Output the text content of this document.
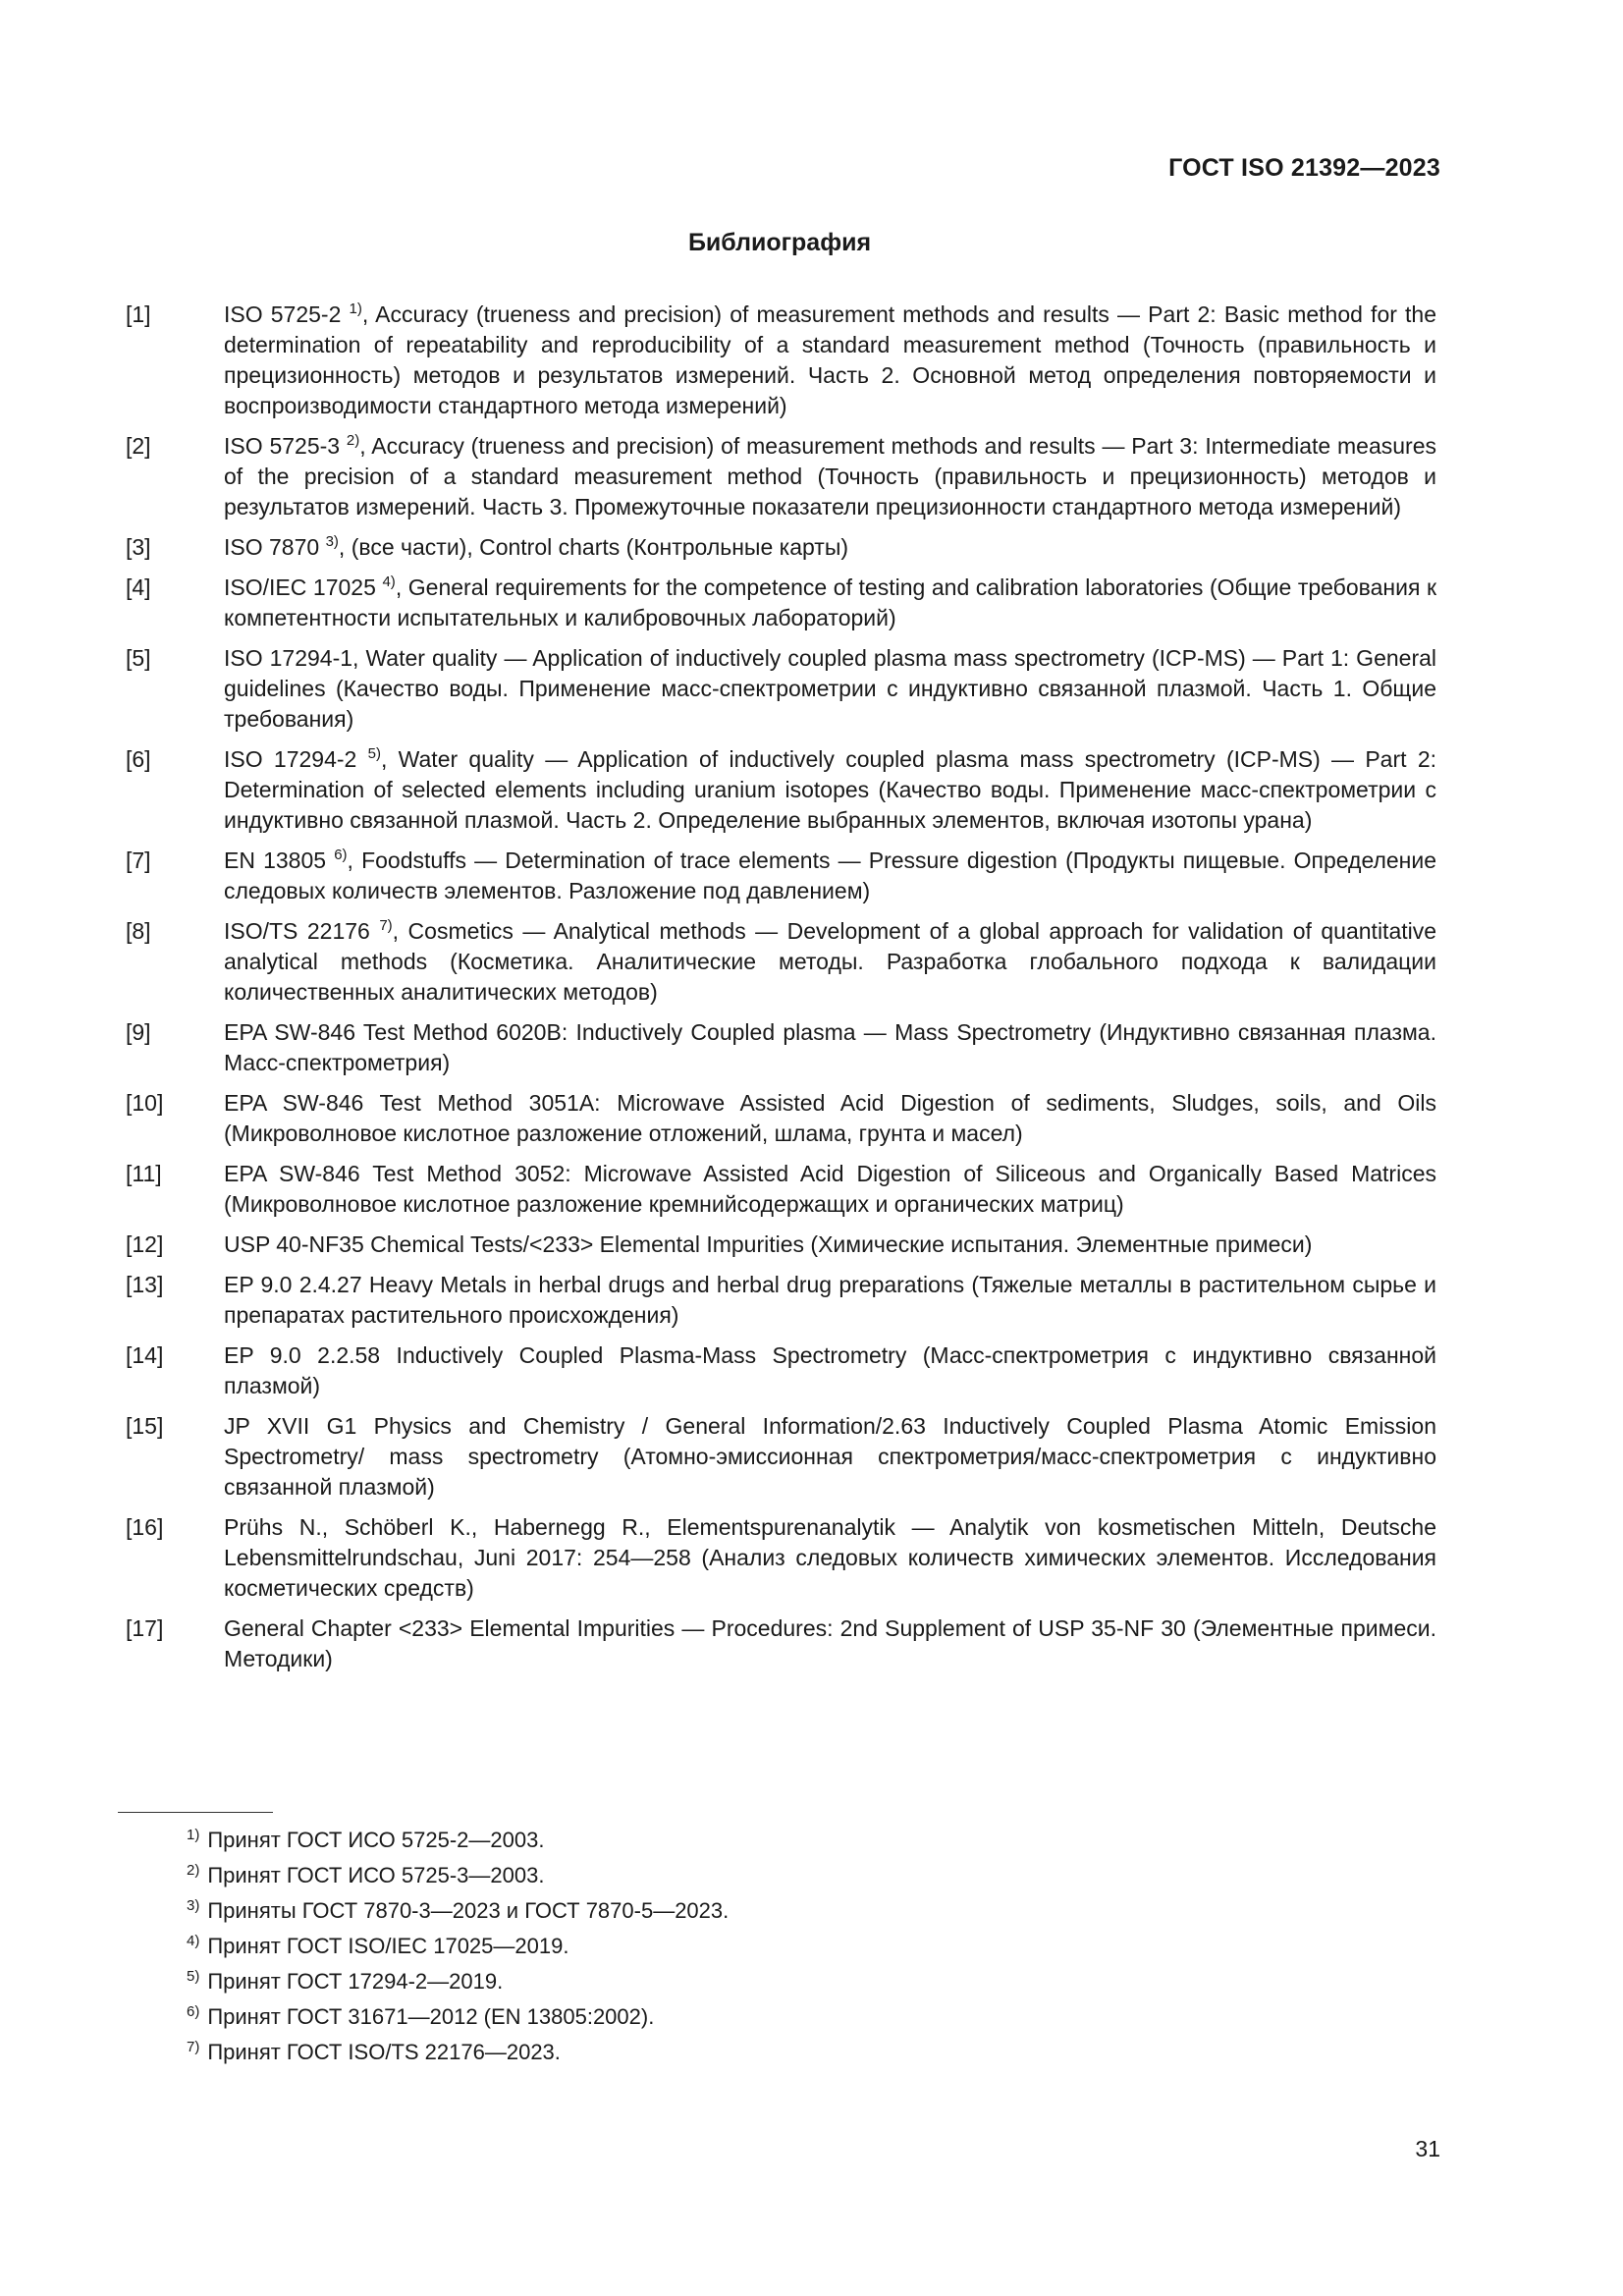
ГОСТ ISO 21392—2023
Библиография
[1]	ISO 5725-2 $^{1)}$, Accuracy (trueness and precision) of measurement methods and results — Part 2: Basic method for the determination of repeatability and reproducibility of a standard measurement method (Точность (правильность и прецизионность) методов и результатов измерений. Часть 2. Основной метод определения повторяемости и воспроизводимости стандартного метода измерений)
[2]	ISO 5725-3 $^{2)}$, Accuracy (trueness and precision) of measurement methods and results — Part 3: Intermediate measures of the precision of a standard measurement method (Точность (правильность и прецизионность) методов и результатов измерений. Часть 3. Промежуточные показатели прецизионности стандартного метода измерений)
[3]	ISO 7870 $^{3)}$, (все части), Control charts (Контрольные карты)
[4]	ISO/IEC 17025 $^{4)}$, General requirements for the competence of testing and calibration laboratories (Общие требования к компетентности испытательных и калибровочных лабораторий)
[5]	ISO 17294-1, Water quality — Application of inductively coupled plasma mass spectrometry (ICP-MS) — Part 1: General guidelines (Качество воды. Применение масс-спектрометрии с индуктивно связанной плазмой. Часть 1. Общие требования)
[6]	ISO 17294-2 $^{5)}$, Water quality — Application of inductively coupled plasma mass spectrometry (ICP-MS) — Part 2: Determination of selected elements including uranium isotopes (Качество воды. Применение масс-спектрометрии с индуктивно связанной плазмой. Часть 2. Определение выбранных элементов, включая изотопы урана)
[7]	EN 13805 $^{6)}$, Foodstuffs — Determination of trace elements — Pressure digestion (Продукты пищевые. Определение следовых количеств элементов. Разложение под давлением)
[8]	ISO/TS 22176 $^{7)}$, Cosmetics — Analytical methods — Development of a global approach for validation of quantitative analytical methods (Косметика. Аналитические методы. Разработка глобального подхода к валидации количественных аналитических методов)
[9]	EPA SW-846 Test Method 6020B: Inductively Coupled plasma — Mass Spectrometry (Индуктивно связанная плазма. Масс-спектрометрия)
[10]	EPA SW-846 Test Method 3051A: Microwave Assisted Acid Digestion of sediments, Sludges, soils, and Oils (Микроволновое кислотное разложение отложений, шлама, грунта и масел)
[11]	EPA SW-846 Test Method 3052: Microwave Assisted Acid Digestion of Siliceous and Organically Based Matrices (Микроволновое кислотное разложение кремнийсодержащих и органических матриц)
[12]	USP 40-NF35 Chemical Tests/<233> Elemental Impurities (Химические испытания. Элементные примеси)
[13]	EP 9.0 2.4.27 Heavy Metals in herbal drugs and herbal drug preparations (Тяжелые металлы в растительном сырье и препаратах растительного происхождения)
[14]	EP 9.0 2.2.58 Inductively Coupled Plasma-Mass Spectrometry (Масс-спектрометрия с индуктивно связанной плазмой)
[15]	JP XVII G1 Physics and Chemistry / General Information/2.63 Inductively Coupled Plasma Atomic Emission Spectrometry/ mass spectrometry (Атомно-эмиссионная спектрометрия/масс-спектрометрия с индуктивно связанной плазмой)
[16]	Prühs N., Schöberl K., Habernegg R., Elementspurenanalytik — Analytik von kosmetischen Mitteln, Deutsche Lebensmittelrundschau, Juni 2017: 254—258 (Анализ следовых количеств химических элементов. Исследования косметических средств)
[17]	General Chapter <233> Elemental Impurities — Procedures: 2nd Supplement of USP 35-NF 30 (Элементные примеси. Методики)
$^{1)}$ Принят ГОСТ ИСО 5725-2—2003.
$^{2)}$ Принят ГОСТ ИСО 5725-3—2003.
$^{3)}$ Приняты ГОСТ 7870-3—2023 и ГОСТ 7870-5—2023.
$^{4)}$ Принят ГОСТ ISO/IEC 17025—2019.
$^{5)}$ Принят ГОСТ 17294-2—2019.
$^{6)}$ Принят ГОСТ 31671—2012 (EN 13805:2002).
$^{7)}$ Принят ГОСТ ISO/TS 22176—2023.
31
